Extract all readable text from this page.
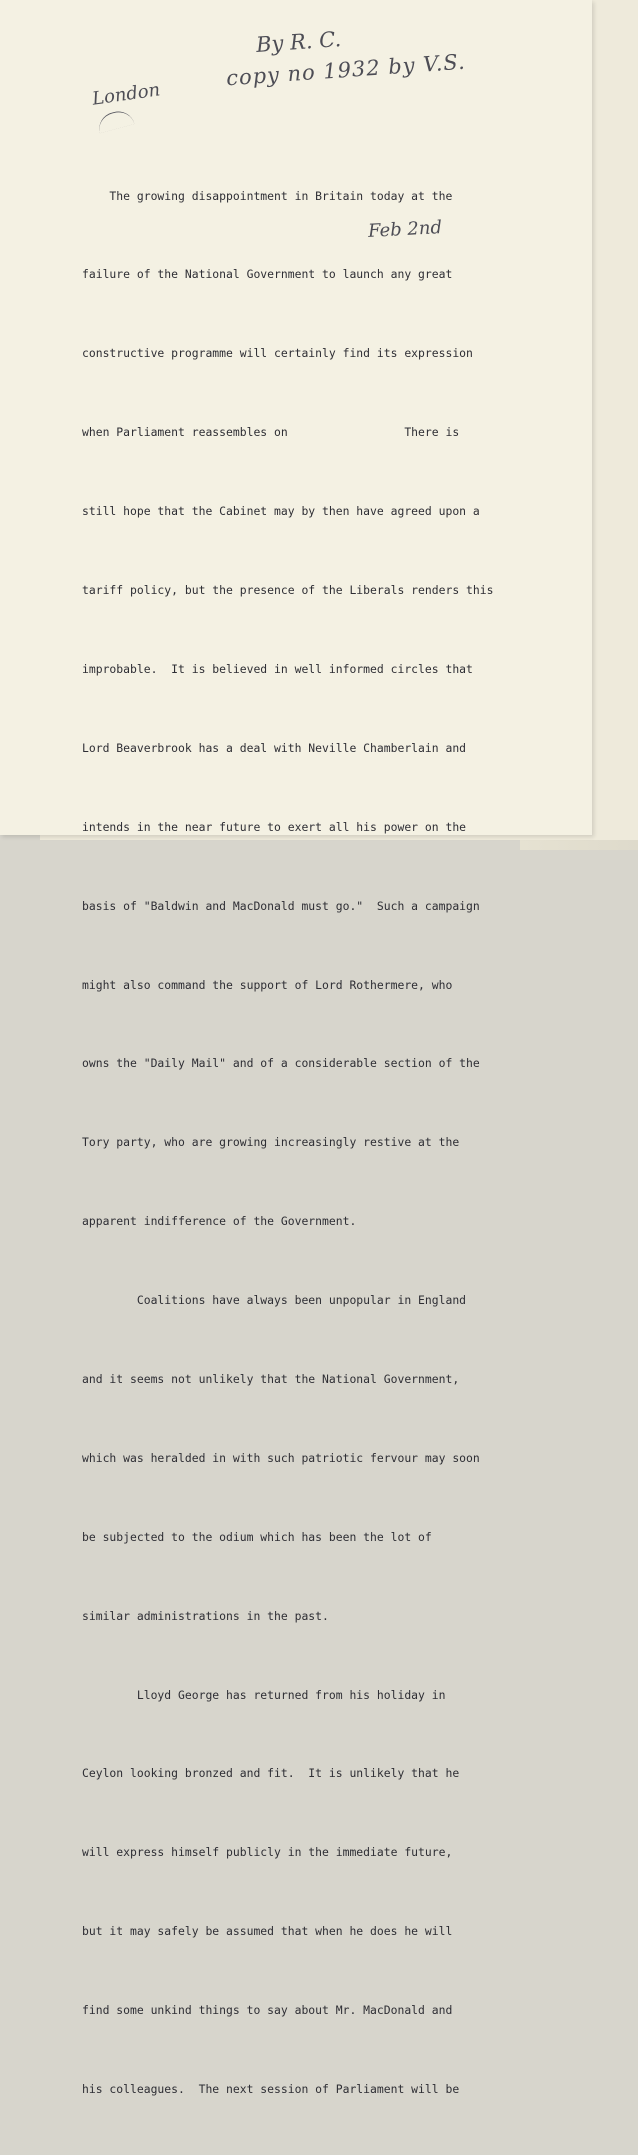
By R. C.

copy no 1932 by V.S.

London

Feb 2nd

The growing disappointment in Britain today at the

failure of the National Government to launch any great

constructive programme will certainly find its expression

when Parliament reassembles on                 There is

still hope that the Cabinet may by then have agreed upon a

tariff policy, but the presence of the Liberals renders this

improbable.  It is believed in well informed circles that

Lord Beaverbrook has a deal with Neville Chamberlain and

intends in the near future to exert all his power on the

basis of "Baldwin and MacDonald must go."  Such a campaign

might also command the support of Lord Rothermere, who

owns the "Daily Mail" and of a considerable section of the

Tory party, who are growing increasingly restive at the

apparent indifference of the Government.

Coalitions have always been unpopular in England

and it seems not unlikely that the National Government,

which was heralded in with such patriotic fervour may soon

be subjected to the odium which has been the lot of

similar administrations in the past.

Lloyd George has returned from his holiday in

Ceylon looking bronzed and fit.  It is unlikely that he

will express himself publicly in the immediate future,

but it may safely be assumed that when he does he will

find some unkind things to say about Mr. MacDonald and

his colleagues.  The next session of Parliament will be
